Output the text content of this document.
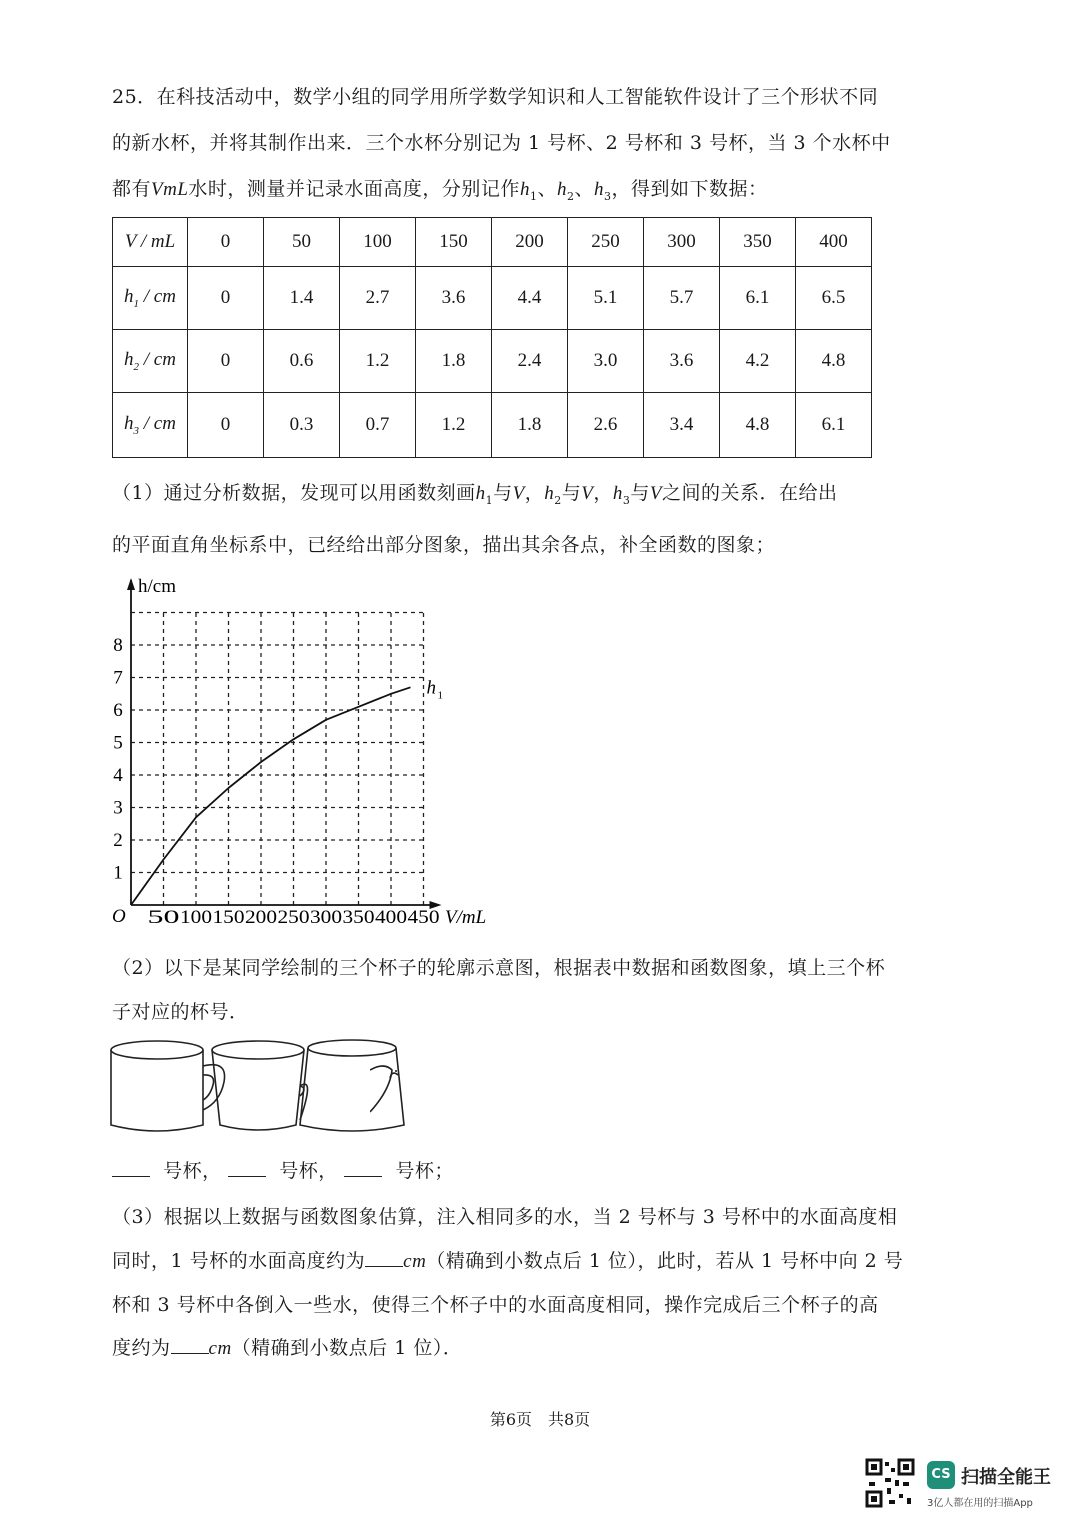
25．在科技活动中，数学小组的同学用所学数学知识和人工智能软件设计了三个形状不同
的新水杯，并将其制作出来．三个水杯分别记为 1 号杯、2 号杯和 3 号杯，当 3 个水杯中
都有VmL水时，测量并记录水面高度，分别记作$h_1$、$h_2$、$h_3$，得到如下数据：
V / mL	0	50	100	150	200	250	300	350	400
$h_1$ / cm	0	1.4	2.7	3.6	4.4	5.1	5.7	6.1	6.5
$h_2$ / cm	0	0.6	1.2	1.8	2.4	3.0	3.6	4.2	4.8
$h_3$ / cm	0	0.3	0.7	1.2	1.8	2.6	3.4	4.8	6.1
（1）通过分析数据，发现可以用函数刻画$h_1$与V，$h_2$与V，$h_3$与V之间的关系．在给出
的平面直角坐标系中，已经给出部分图象，描出其余各点，补全函数的图象；
h/cm
V/mL
O 50 100 150 200 250 300 350 400 450
1
2
3
4
5
6
7
8
h 1
（2）以下是某同学绘制的三个杯子的轮廓示意图，根据表中数据和函数图象，填上三个杯
子对应的杯号．
号杯，	号杯，	号杯；
（3）根据以上数据与函数图象估算，注入相同多的水，当 2 号杯与 3 号杯中的水面高度相
同时，1 号杯的水面高度约为 cm（精确到小数点后 1 位），此时，若从 1 号杯中向 2 号
杯和 3 号杯中各倒入一些水，使得三个杯子中的水面高度相同，操作完成后三个杯子的高
度约为 cm（精确到小数点后 1 位）．
第6页　共8页
CS 扫描全能王
3亿人都在用的扫描App
